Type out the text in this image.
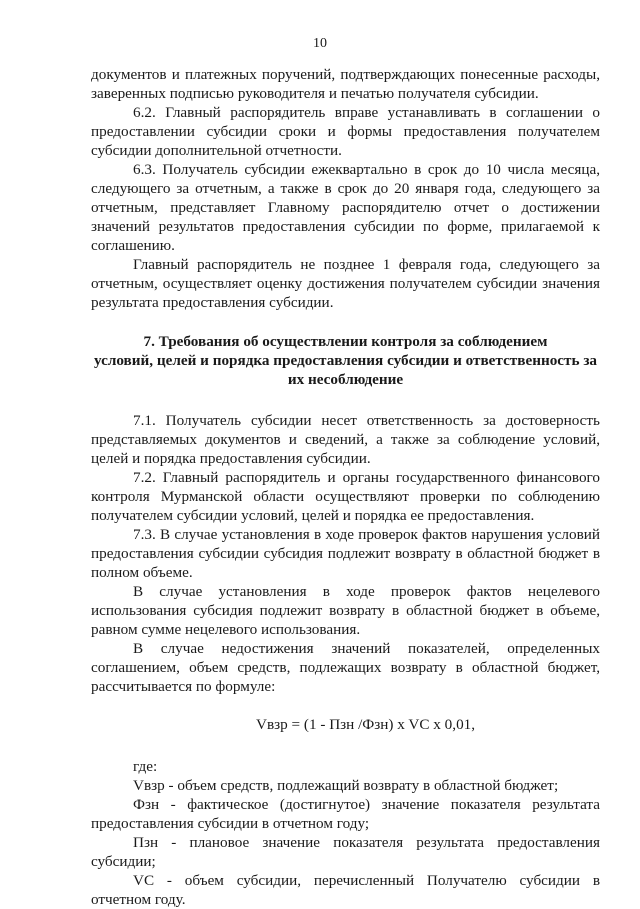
10

документов и платежных поручений, подтверждающих понесенные расходы, заверенных подписью руководителя и печатью получателя субсидии.

6.2. Главный распорядитель вправе устанавливать в соглашении о предоставлении субсидии сроки и формы предоставления получателем субсидии дополнительной отчетности.

6.3. Получатель субсидии ежеквартально в срок до 10 числа месяца, следующего за отчетным, а также в срок до 20 января года, следующего за отчетным, представляет Главному распорядителю отчет о достижении значений результатов предоставления субсидии по форме, прилагаемой к соглашению.

Главный распорядитель не позднее 1 февраля года, следующего за отчетным, осуществляет оценку достижения получателем субсидии значения результата предоставления субсидии.

7. Требования об осуществлении контроля за соблюдением
условий, целей и порядка предоставления субсидии и ответственность за
их несоблюдение

7.1. Получатель субсидии несет ответственность за достоверность представляемых документов и сведений, а также за соблюдение условий, целей и порядка предоставления субсидии.

7.2. Главный распорядитель и органы государственного финансового контроля Мурманской области осуществляют проверки по соблюдению получателем субсидии условий, целей и порядка ее предоставления.

7.3. В случае установления в ходе проверок фактов нарушения условий предоставления субсидии субсидия подлежит возврату в областной бюджет в полном объеме.

В случае установления в ходе проверок фактов нецелевого использования субсидия подлежит возврату в областной бюджет в объеме, равном сумме нецелевого использования.

В случае недостижения значений показателей, определенных соглашением, объем средств, подлежащих возврату в областной бюджет, рассчитывается по формуле:

Vвзр = (1 - Пзн /Фзн) x VC x 0,01,

где:

Vвзр - объем средств, подлежащий возврату в областной бюджет;

Фзн - фактическое (достигнутое) значение показателя результата предоставления субсидии в отчетном году;

Пзн - плановое значение показателя результата предоставления субсидии;

VC - объем субсидии, перечисленный Получателю субсидии в отчетном году.
